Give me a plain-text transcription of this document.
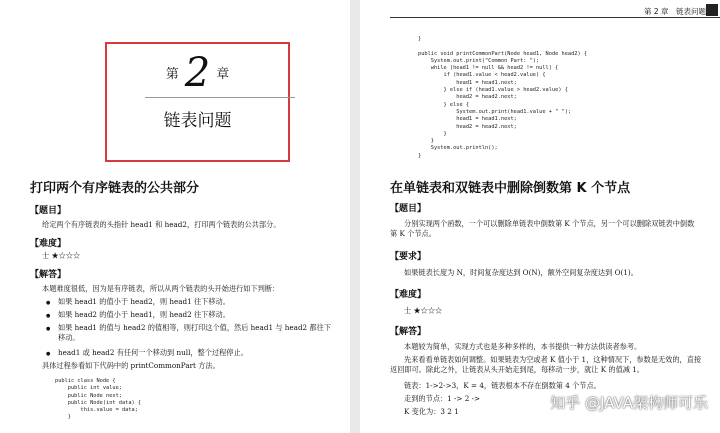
第 2 章
链表问题
打印两个有序链表的公共部分
【题目】
给定两个有序链表的头指针 head1 和 head2，打印两个链表的公共部分。
【难度】
士 ★☆☆☆
【解答】
本题难度很低，因为是有序链表，所以从两个链表的头开始进行如下判断：
● 如果 head1 的值小于 head2，则 head1 往下移动。
● 如果 head2 的值小于 head1，则 head2 往下移动。
● 如果 head1 的值与 head2 的值相等，则打印这个值，然后 head1 与 head2 都往下移动。
● head1 或 head2 有任何一个移动到 null，整个过程停止。
具体过程参看如下代码中的 printCommonPart 方法。
public class Node {
public int value;
public Node next;
public Node(int data) {
this.value = data;
}
第 2 章　链表问题
}

public void printCommonPart(Node head1, Node head2) {
System.out.print("Common Part: ");
while (head1 != null && head2 != null) {
if (head1.value < head2.value) {
head1 = head1.next;
} else if (head1.value > head2.value) {
head2 = head2.next;
} else {
System.out.print(head1.value + " ");
head1 = head1.next;
head2 = head2.next;
}
}
System.out.println();
}
在单链表和双链表中删除倒数第 K 个节点
【题目】
分别实现两个函数，一个可以删除单链表中倒数第 K 个节点，另一个可以删除双链表中倒数第 K 个节点。
【要求】
如果链表长度为 N，时间复杂度达到 O(N)，额外空间复杂度达到 O(1)。
【难度】
士 ★☆☆☆
【解答】
本题较为简单，实现方式也是多种多样的，本书提供一种方法供读者参考。
先来看看单链表如何调整。如果链表为空或者 K 值小于 1，这种情况下，参数是无效的，直接返回即可。除此之外，让链表从头开始走到尾，每移动一步，就让 K 的值减 1。
链表：1->2->3，K = 4，链表根本不存在倒数第 4 个节点。
走到的节点：1 -> 2 ->
K 变化为：3 2 1	知乎 @JAVA架构师可乐
